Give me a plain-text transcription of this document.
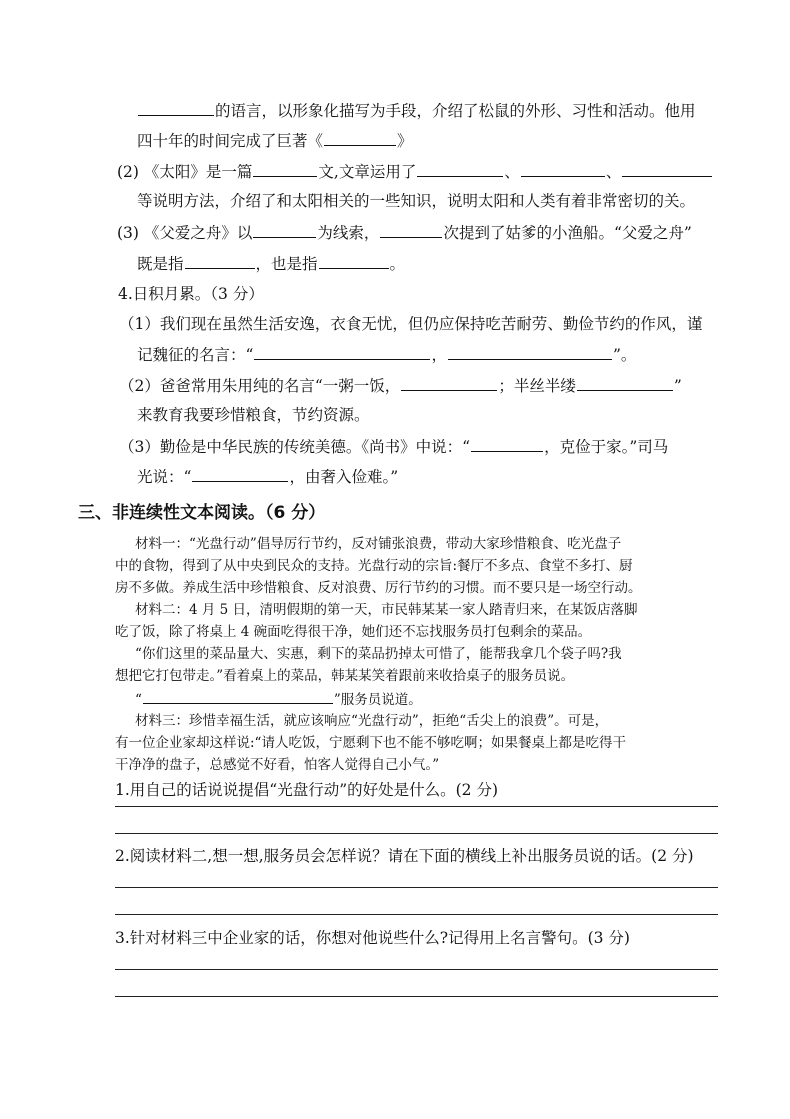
的语言，以形象化描写为手段，介绍了松鼠的外形、习性和活动。他用
四十年的时间完成了巨著《	》
(2) 《太阳》是一篇	文,文章运用了	、	、
等说明方法，介绍了和太阳相关的一些知识，说明太阳和人类有着非常密切的关。
(3) 《父爱之舟》以	为线索，	次提到了姑爹的小渔船。“父爱之舟”
既是指	，也是指	。
4.日积月累。（3 分）
（1）我们现在虽然生活安逸，衣食无忧，但仍应保持吃苦耐劳、勤俭节约的作风，谨
记魏征的名言：“	，	”。
（2）爸爸常用朱用纯的名言“一粥一饭，	；半丝半缕	”
来教育我要珍惜粮食，节约资源。
（3）勤俭是中华民族的传统美德。《尚书》中说：“	，克俭于家。”司马
光说：“	，由奢入俭难。”
三、非连续性文本阅读。（6 分）
材料一：“光盘行动”倡导厉行节约，反对铺张浪费，带动大家珍惜粮食、吃光盘子
中的食物，得到了从中央到民众的支持。光盘行动的宗旨:餐厅不多点、食堂不多打、厨
房不多做。养成生活中珍惜粮食、反对浪费、厉行节约的习惯。而不要只是一场空行动。
材料二：4 月 5 日，清明假期的第一天，市民韩某某一家人踏青归来，在某饭店落脚
吃了饭，除了将桌上 4 碗面吃得很干净，她们还不忘找服务员打包剩余的菜品。
“你们这里的菜品量大、实惠，剩下的菜品扔掉太可惜了，能帮我拿几个袋子吗?我
想把它打包带走。”看着桌上的菜品，韩某某笑着跟前来收拾桌子的服务员说。
“	”服务员说道。
材料三：珍惜幸福生活，就应该响应“光盘行动”，拒绝“舌尖上的浪费”。可是，
有一位企业家却这样说:“请人吃饭，宁愿剩下也不能不够吃啊；如果餐桌上都是吃得干
干净净的盘子，总感觉不好看，怕客人觉得自己小气。”
1.用自己的话说说提倡“光盘行动”的好处是什么。(2 分)
2.阅读材料二,想一想,服务员会怎样说？请在下面的横线上补出服务员说的话。(2 分)
3.针对材料三中企业家的话，你想对他说些什么?记得用上名言警句。(3 分)
